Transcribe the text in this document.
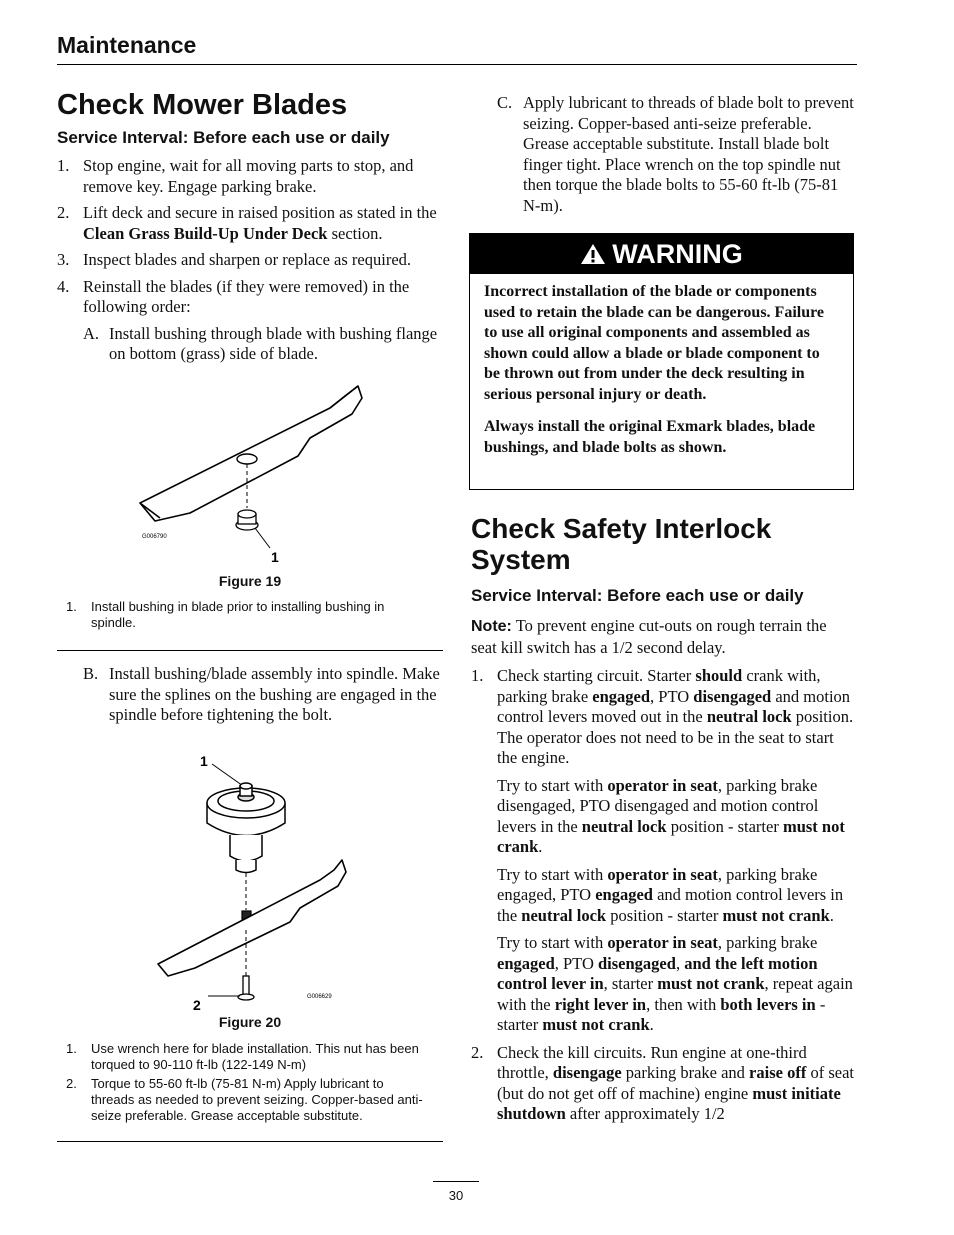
Maintenance
Check Mower Blades
Service Interval: Before each use or daily
1. Stop engine, wait for all moving parts to stop, and remove key. Engage parking brake.
2. Lift deck and secure in raised position as stated in the Clean Grass Build-Up Under Deck section.
3. Inspect blades and sharpen or replace as required.
4. Reinstall the blades (if they were removed) in the following order:
A. Install bushing through blade with bushing flange on bottom (grass) side of blade.
G006790
1
Figure 19
1. Install bushing in blade prior to installing bushing in spindle.
B. Install bushing/blade assembly into spindle. Make sure the splines on the bushing are engaged in the spindle before tightening the bolt.
1
2	G006629
Figure 20
1. Use wrench here for blade installation. This nut has been torqued to 90-110 ft-lb (122-149 N-m)
2. Torque to 55-60 ft-lb (75-81 N-m) Apply lubricant to threads as needed to prevent seizing. Copper-based anti-seize preferable. Grease acceptable substitute.
C. Apply lubricant to threads of blade bolt to prevent seizing. Copper-based anti-seize preferable. Grease acceptable substitute. Install blade bolt finger tight. Place wrench on the top spindle nut then torque the blade bolts to 55-60 ft-lb (75-81 N-m).
WARNING
Incorrect installation of the blade or components used to retain the blade can be dangerous. Failure to use all original components and assembled as shown could allow a blade or blade component to be thrown out from under the deck resulting in serious personal injury or death.
Always install the original Exmark blades, blade bushings, and blade bolts as shown.
Check Safety Interlock System
Service Interval: Before each use or daily
Note: To prevent engine cut-outs on rough terrain the seat kill switch has a 1/2 second delay.
1. Check starting circuit. Starter should crank with, parking brake engaged, PTO disengaged and motion control levers moved out in the neutral lock position. The operator does not need to be in the seat to start the engine.
Try to start with operator in seat, parking brake disengaged, PTO disengaged and motion control levers in the neutral lock position - starter must not crank.
Try to start with operator in seat, parking brake engaged, PTO engaged and motion control levers in the neutral lock position - starter must not crank.
Try to start with operator in seat, parking brake engaged, PTO disengaged, and the left motion control lever in, starter must not crank, repeat again with the right lever in, then with both levers in - starter must not crank.
2. Check the kill circuits. Run engine at one-third throttle, disengage parking brake and raise off of seat (but do not get off of machine) engine must initiate shutdown after approximately 1/2
30
